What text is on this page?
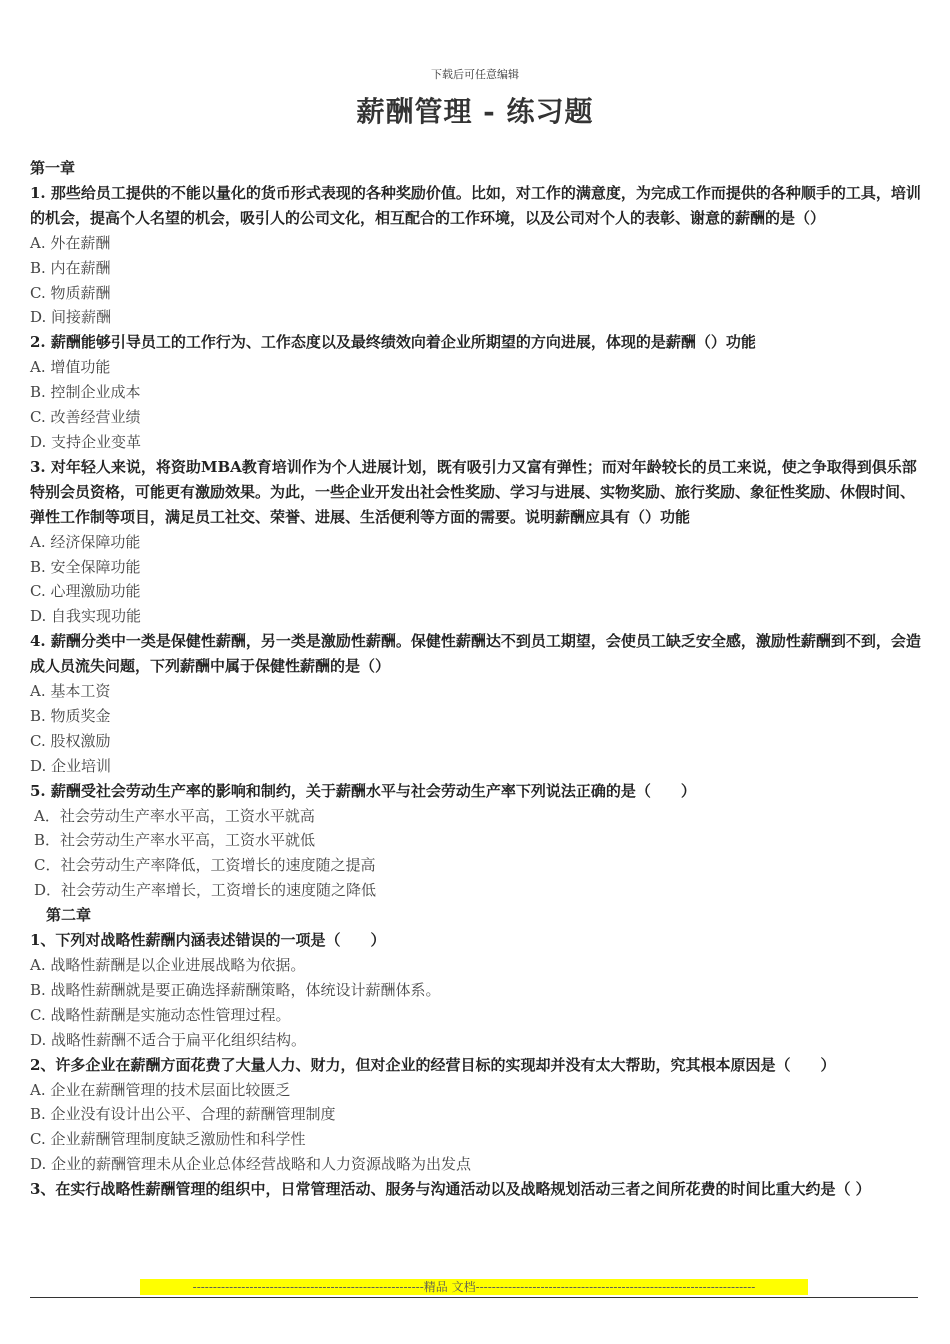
下载后可任意编辑
薪酬管理 - 练习题
第一章
1. 那些给员工提供的不能以量化的货币形式表现的各种奖励价值。比如，对工作的满意度，为完成工作而提供的各种顺手的工具，培训的机会，提高个人名望的机会，吸引人的公司文化，相互配合的工作环境，以及公司对个人的表彰、谢意的薪酬的是（）
A. 外在薪酬
B. 内在薪酬
C. 物质薪酬
D. 间接薪酬
2. 薪酬能够引导员工的工作行为、工作态度以及最终绩效向着企业所期望的方向进展，体现的是薪酬（）功能
A. 增值功能
B. 控制企业成本
C. 改善经营业绩
D. 支持企业变革
3. 对年轻人来说，将资助MBA教育培训作为个人进展计划，既有吸引力又富有弹性；而对年龄较长的员工来说，使之争取得到俱乐部特别会员资格，可能更有激励效果。为此，一些企业开发出社会性奖励、学习与进展、实物奖励、旅行奖励、象征性奖励、休假时间、弹性工作制等项目，满足员工社交、荣誉、进展、生活便利等方面的需要。说明薪酬应具有（）功能
A. 经济保障功能
B. 安全保障功能
C. 心理激励功能
D. 自我实现功能
4. 薪酬分类中一类是保健性薪酬，另一类是激励性薪酬。保健性薪酬达不到员工期望，会使员工缺乏安全感，激励性薪酬到不到，会造成人员流失问题，下列薪酬中属于保健性薪酬的是（）
A. 基本工资
B. 物质奖金
C. 股权激励
D. 企业培训
5. 薪酬受社会劳动生产率的影响和制约，关于薪酬水平与社会劳动生产率下列说法正确的是（　　）
A．社会劳动生产率水平高，工资水平就高
B．社会劳动生产率水平高，工资水平就低
C．社会劳动生产率降低，工资增长的速度随之提高
D．社会劳动生产率增长，工资增长的速度随之降低
第二章
1、下列对战略性薪酬内涵表述错误的一项是（　　）
A. 战略性薪酬是以企业进展战略为依据。
B. 战略性薪酬就是要正确选择薪酬策略，体统设计薪酬体系。
C. 战略性薪酬是实施动态性管理过程。
D. 战略性薪酬不适合于扁平化组织结构。
2、许多企业在薪酬方面花费了大量人力、财力，但对企业的经营目标的实现却并没有太大帮助，究其根本原因是（　　）
A. 企业在薪酬管理的技术层面比较匮乏
B. 企业没有设计出公平、合理的薪酬管理制度
C. 企业薪酬管理制度缺乏激励性和科学性
D. 企业的薪酬管理未从企业总体经营战略和人力资源战略为出发点
3、在实行战略性薪酬管理的组织中，日常管理活动、服务与沟通活动以及战略规划活动三者之间所花费的时间比重大约是（ ）
---------------------------------------------------------精品 文档---------------------------------------------------------------------
